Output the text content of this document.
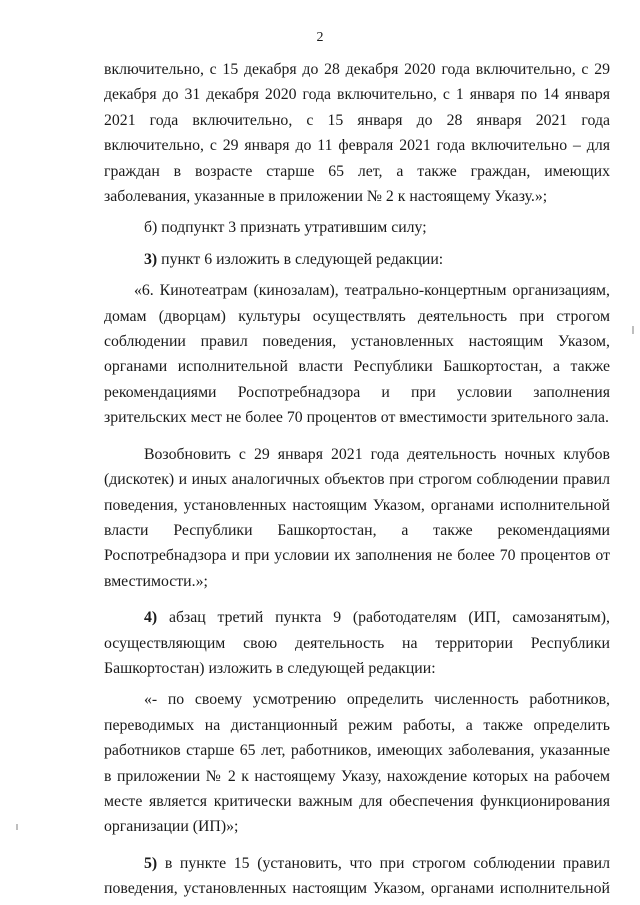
2

включительно, с 15 декабря до 28 декабря 2020 года включительно, с 29 декабря до 31 декабря 2020 года включительно, с 1 января по 14 января 2021 года включительно, с 15 января до 28 января 2021 года включительно, с 29 января до 11 февраля 2021 года включительно – для граждан в возрасте старше 65 лет, а также граждан, имеющих заболевания, указанные в приложении № 2 к настоящему Указу.»;

б) подпункт 3 признать утратившим силу;

3) пункт 6 изложить в следующей редакции:

«6. Кинотеатрам (кинозалам), театрально-концертным организациям, домам (дворцам) культуры осуществлять деятельность при строгом соблюдении правил поведения, установленных настоящим Указом, органами исполнительной власти Республики Башкортостан, а также рекомендациями Роспотребнадзора и при условии заполнения зрительских мест не более 70 процентов от вместимости зрительного зала.

Возобновить с 29 января 2021 года деятельность ночных клубов (дискотек) и иных аналогичных объектов при строгом соблюдении правил поведения, установленных настоящим Указом, органами исполнительной власти Республики Башкортостан, а также рекомендациями Роспотребнадзора и при условии их заполнения не более 70 процентов от вместимости.»;

4) абзац третий пункта 9 (работодателям (ИП, самозанятым), осуществляющим свою деятельность на территории Республики Башкортостан) изложить в следующей редакции:

«- по своему усмотрению определить численность работников, переводимых на дистанционный режим работы, а также определить работников старше 65 лет, работников, имеющих заболевания, указанные в приложении № 2 к настоящему Указу, нахождение которых на рабочем месте является критически важным для обеспечения функционирования организации (ИП)»;

5) в пункте 15 (установить, что при строгом соблюдении правил поведения, установленных настоящим Указом, органами исполнительной
